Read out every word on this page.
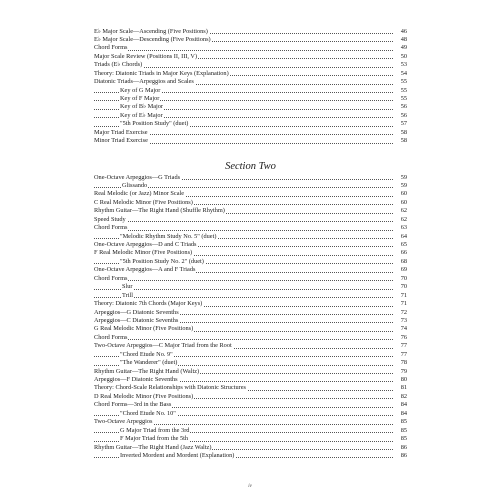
E♭ Major Scale—Ascending (Five Positions)	46
E♭ Major Scale—Descending (Five Positions)	48
Chord Forms	49
Major Scale Review (Positions II, III, V)	50
Triads (E♭ Chords)	53
Theory: Diatonic Triads in Major Keys (Explanation)	54
Diatonic Triads—Arpeggios and Scales	55
Key of G Major	55
Key of F Major	55
Key of B♭ Major	56
Key of E♭ Major	56
"5th Position Study" (duet)	57
Major Triad Exercise	58
Minor Triad Exercise	58
Section Two
One-Octave Arpeggios—G Triads	59
Glissando	59
Real Melodic (or Jazz) Minor Scale	60
C Real Melodic Minor (Five Positions)	60
Rhythm Guitar—The Right Hand (Shuffle Rhythm)	62
Speed Study	62
Chord Forms	63
"Melodic Rhythm Study No. 5" (duet)	64
One-Octave Arpeggios—D and C Triads	65
F Real Melodic Minor (Five Positions)	66
"5th Position Study No. 2" (duet)	68
One-Octave Arpeggios—A and F Triads	69
Chord Forms	70
Slur	70
Trill	71
Theory: Diatonic 7th Chords (Major Keys)	71
Arpeggios—G Diatonic Sevenths	72
Arpeggios—C Diatonic Sevenths	73
G Real Melodic Minor (Five Positions)	74
Chord Forms	76
Two-Octave Arpeggios—C Major Triad from the Root	77
"Chord Etude No. 9"	77
"The Wanderer" (duet)	78
Rhythm Guitar—The Right Hand (Waltz)	79
Arpeggios—F Diatonic Sevenths	80
Theory: Chord-Scale Relationships with Diatonic Structures	81
D Real Melodic Minor (Five Positions)	82
Chord Forms—3rd in the Bass	84
"Chord Etude No. 10"	84
Two-Octave Arpeggios	85
G Major Triad from the 3rd	85
F Major Triad from the 5th	85
Rhythm Guitar—The Right Hand (Jazz Waltz)	86
Inverted Mordent and Mordent (Explanation)	86
iv
